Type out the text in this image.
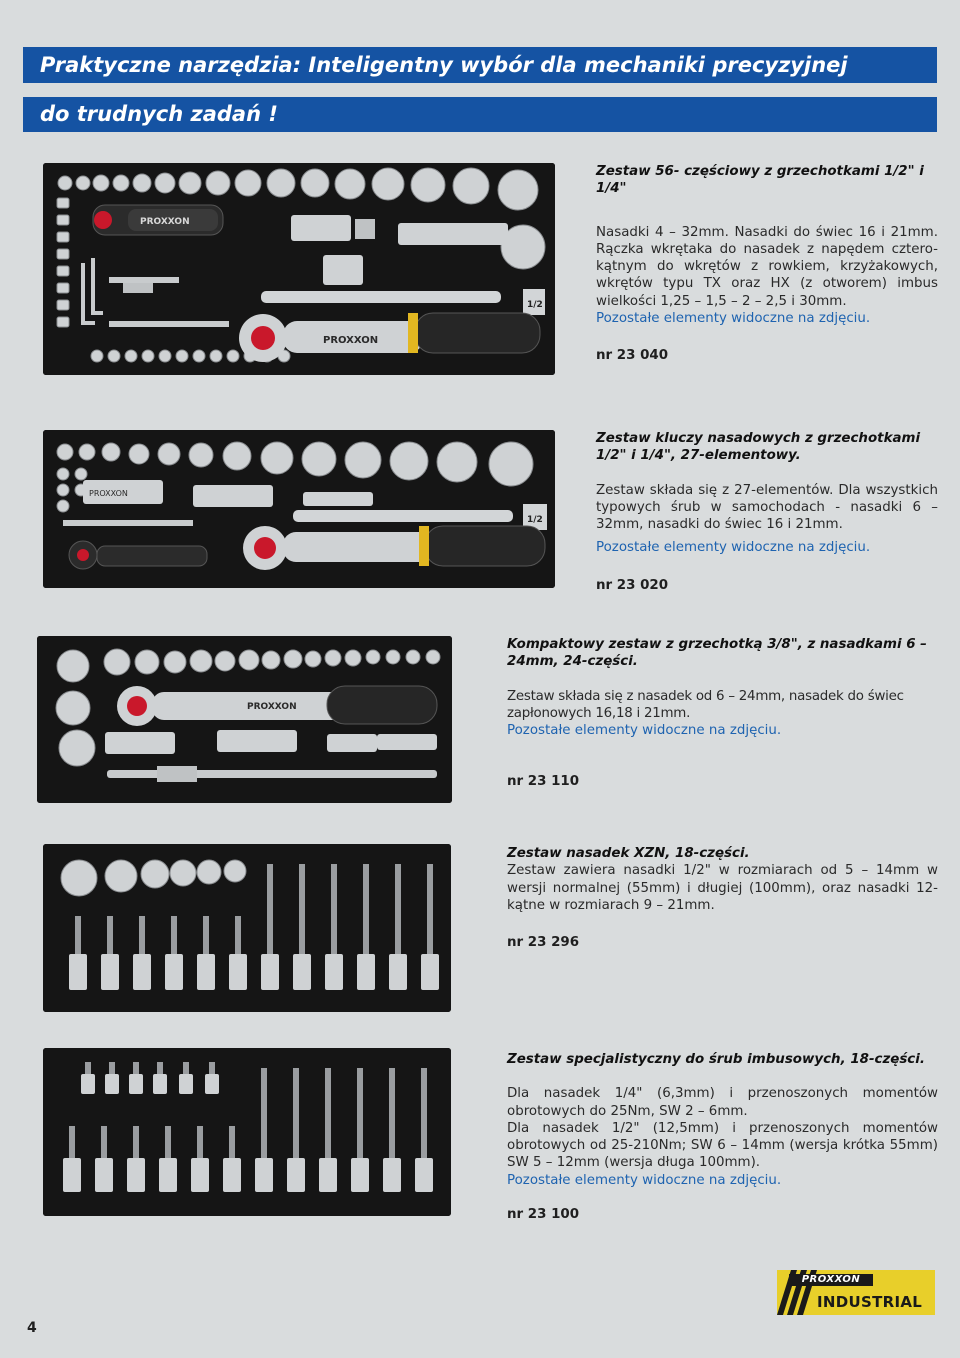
Praktyczne narzędzia: Inteligentny wybór dla mechaniki precyzyjnej
do trudnych zadań !
PROXXON
1/2
PROXXON

Zestaw 56- częściowy z grzechotkami 1/2" i 1/4"

Nasadki 4 – 32mm. Nasadki do świec 16 i 21mm. Rączka wkrętaka do nasadek z napędem cztero-kątnym do wkrętów z rowkiem, krzyżakowych, wkrętów typu TX oraz HX (z otworem) imbus wielkości 1,25 – 1,5 – 2 – 2,5 i 30mm.

Pozostałe elementy widoczne na zdjęciu.

nr 23 040

PROXXON
1/2

Zestaw kluczy nasadowych z grzechotkami 1/2" i 1/4", 27-elementowy.

Zestaw składa się z 27-elementów. Dla wszystkich typowych śrub w samochodach - nasadki 6 – 32mm, nasadki do świec 16 i 21mm.

Pozostałe elementy widoczne na zdjęciu.

nr 23 020

PROXXON

Kompaktowy zestaw z grzechotką 3/8", z nasadkami 6 – 24mm, 24-części.

Zestaw składa się z nasadek od 6 – 24mm, nasadek do świec zapłonowych 16,18 i 21mm.

Pozostałe elementy widoczne na zdjęciu.

nr 23 110

Zestaw nasadek XZN, 18-części.

Zestaw zawiera nasadki 1/2" w rozmiarach od 5 – 14mm w wersji normalnej (55mm) i długiej (100mm), oraz nasadki 12-kątne w rozmiarach 9 – 21mm.

nr 23 296

Zestaw specjalistyczny do śrub imbusowych, 18-części.

Dla nasadek 1/4" (6,3mm) i przenoszonych momentów obrotowych do 25Nm, SW 2 – 6mm.

Dla nasadek 1/2" (12,5mm) i przenoszonych momentów obrotowych od 25-210Nm; SW 6 – 14mm (wersja krótka 55mm) SW 5 – 12mm (wersja długa 100mm).

Pozostałe elementy widoczne na zdjęciu.

nr 23 100

4
PROXXON
INDUSTRIAL
